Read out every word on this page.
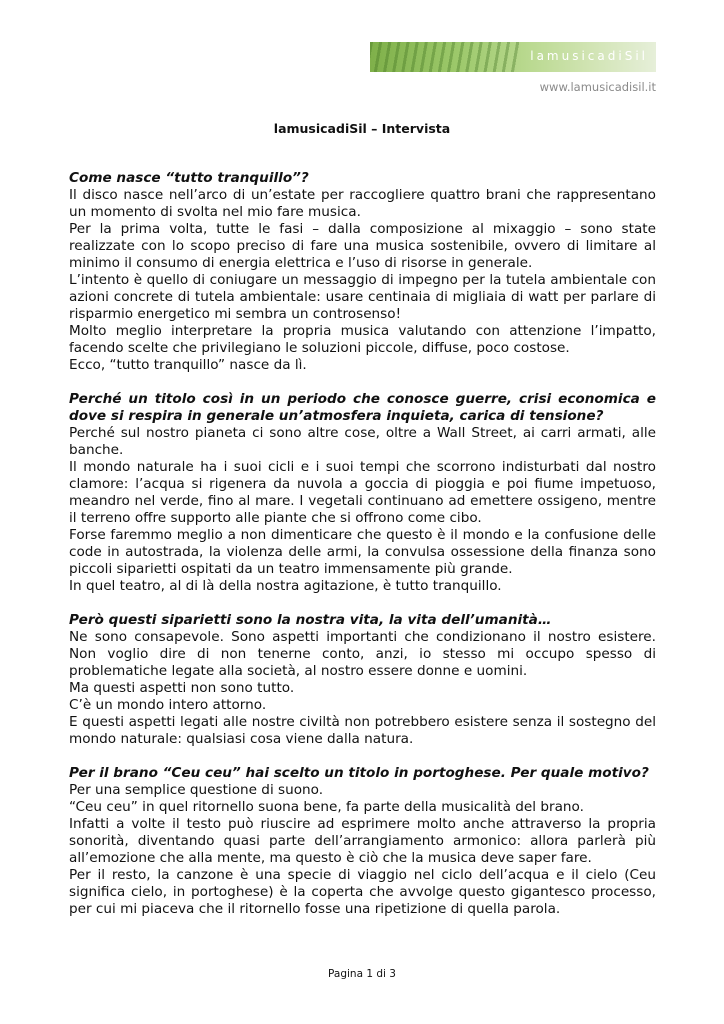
lamusicadiSil
www.lamusicadisil.it
lamusicadiSil – Intervista

Come nasce “tutto tranquillo”?

Il disco nasce nell’arco di un’estate per raccogliere quattro brani che rappresentano un momento di svolta nel mio fare musica.

Per la prima volta, tutte le fasi – dalla composizione al mixaggio – sono state realizzate con lo scopo preciso di fare una musica sostenibile, ovvero di limitare al minimo il consumo di energia elettrica e l’uso di risorse in generale.

L’intento è quello di coniugare un messaggio di impegno per la tutela ambientale con azioni concrete di tutela ambientale: usare centinaia di migliaia di watt per parlare di risparmio energetico mi sembra un controsenso!

Molto meglio interpretare la propria musica valutando con attenzione l’impatto, facendo scelte che privilegiano le soluzioni piccole, diffuse, poco costose.

Ecco, “tutto tranquillo” nasce da lì.

Perché un titolo così in un periodo che conosce guerre, crisi economica e dove si respira in generale un’atmosfera inquieta, carica di tensione?

Perché sul nostro pianeta ci sono altre cose, oltre a Wall Street, ai carri armati, alle banche.

Il mondo naturale ha i suoi cicli e i suoi tempi che scorrono indisturbati dal nostro clamore: l’acqua si rigenera da nuvola a goccia di pioggia e poi fiume impetuoso, meandro nel verde, fino al mare. I vegetali continuano ad emettere ossigeno, mentre il terreno offre supporto alle piante che si offrono come cibo.

Forse faremmo meglio a non dimenticare che questo è il mondo e la confusione delle code in autostrada, la violenza delle armi, la convulsa ossessione della finanza sono piccoli siparietti ospitati da un teatro immensamente più grande.

In quel teatro, al di là della nostra agitazione, è tutto tranquillo.

Però questi siparietti sono la nostra vita, la vita dell’umanità…

Ne sono consapevole. Sono aspetti importanti che condizionano il nostro esistere. Non voglio dire di non tenerne conto, anzi, io stesso mi occupo spesso di problematiche legate alla società, al nostro essere donne e uomini.

Ma questi aspetti non sono tutto.

C’è un mondo intero attorno.

E questi aspetti legati alle nostre civiltà non potrebbero esistere senza il sostegno del mondo naturale: qualsiasi cosa viene dalla natura.

Per il brano “Ceu ceu” hai scelto un titolo in portoghese. Per quale motivo?

Per una semplice questione di suono.

“Ceu ceu” in quel ritornello suona bene, fa parte della musicalità del brano.

Infatti a volte il testo può riuscire ad esprimere molto anche attraverso la propria sonorità, diventando quasi parte dell’arrangiamento armonico: allora parlerà più all’emozione che alla mente, ma questo è ciò che la musica deve saper fare.

Per il resto, la canzone è una specie di viaggio nel ciclo dell’acqua e il cielo (Ceu significa cielo, in portoghese) è la coperta che avvolge questo gigantesco processo, per cui mi piaceva che il ritornello fosse una ripetizione di quella parola.

Pagina 1 di 3
